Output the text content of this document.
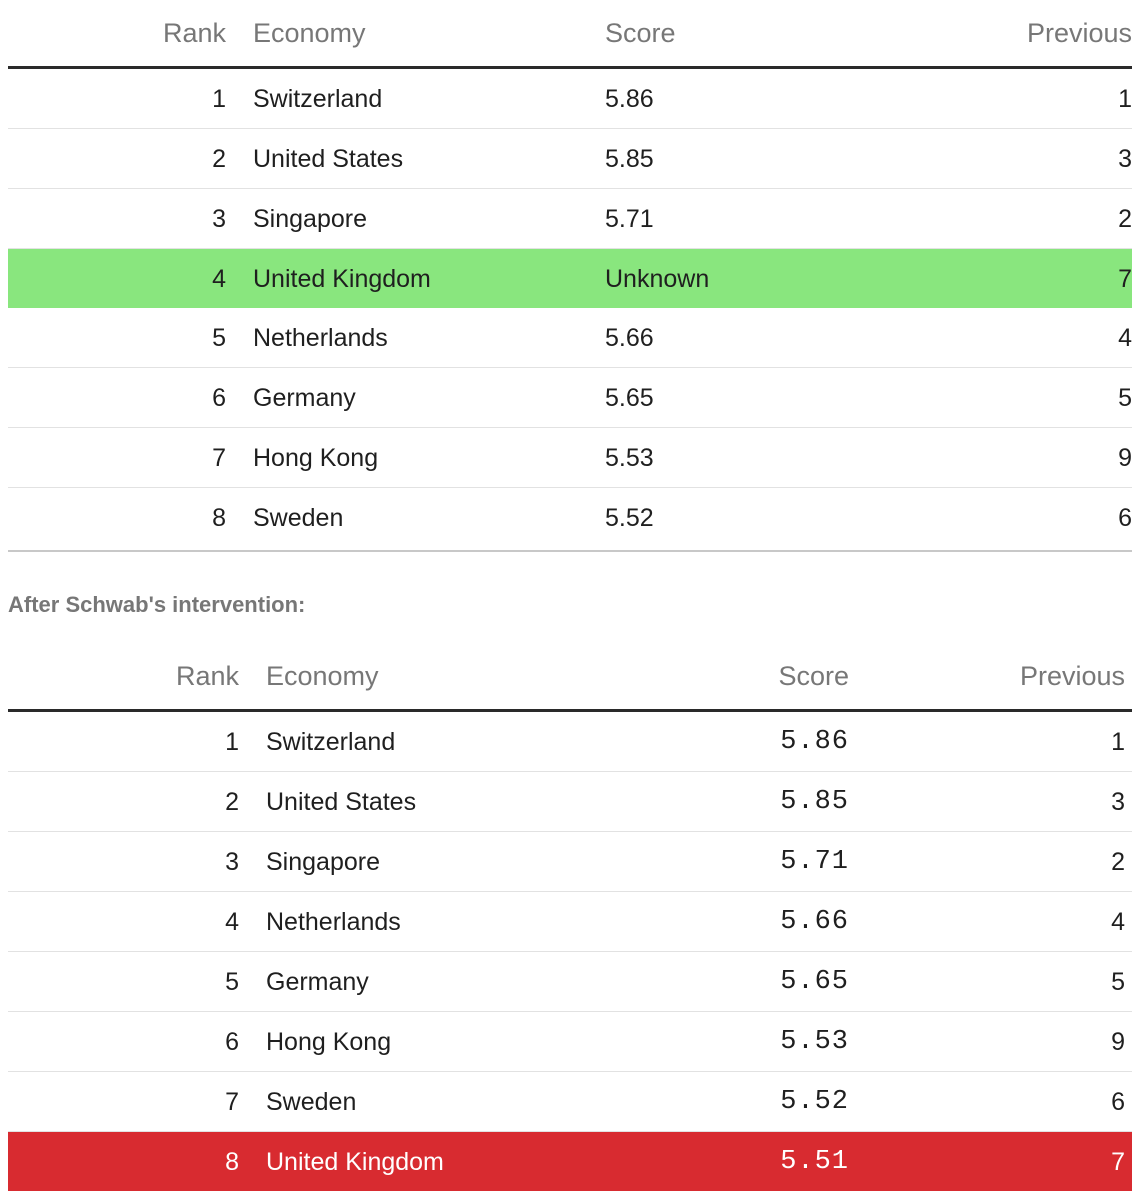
Rank Economy	Score	Previous
1 Switzerland	5.86	1
2 United States	5.85	3
3 Singapore	5.71	2
4 United Kingdom	Unknown	7
5 Netherlands	5.66	4
6 Germany	5.65	5
7 Hong Kong	5.53	9
8 Sweden	5.52	6
After Schwab's intervention:
Rank Economy	Score	Previous
1 Switzerland	5.86	1
2 United States	5.85	3
3 Singapore	5.71	2
4 Netherlands	5.66	4
5 Germany	5.65	5
6 Hong Kong	5.53	9
7 Sweden	5.52	6
8 United Kingdom	5.51	7
